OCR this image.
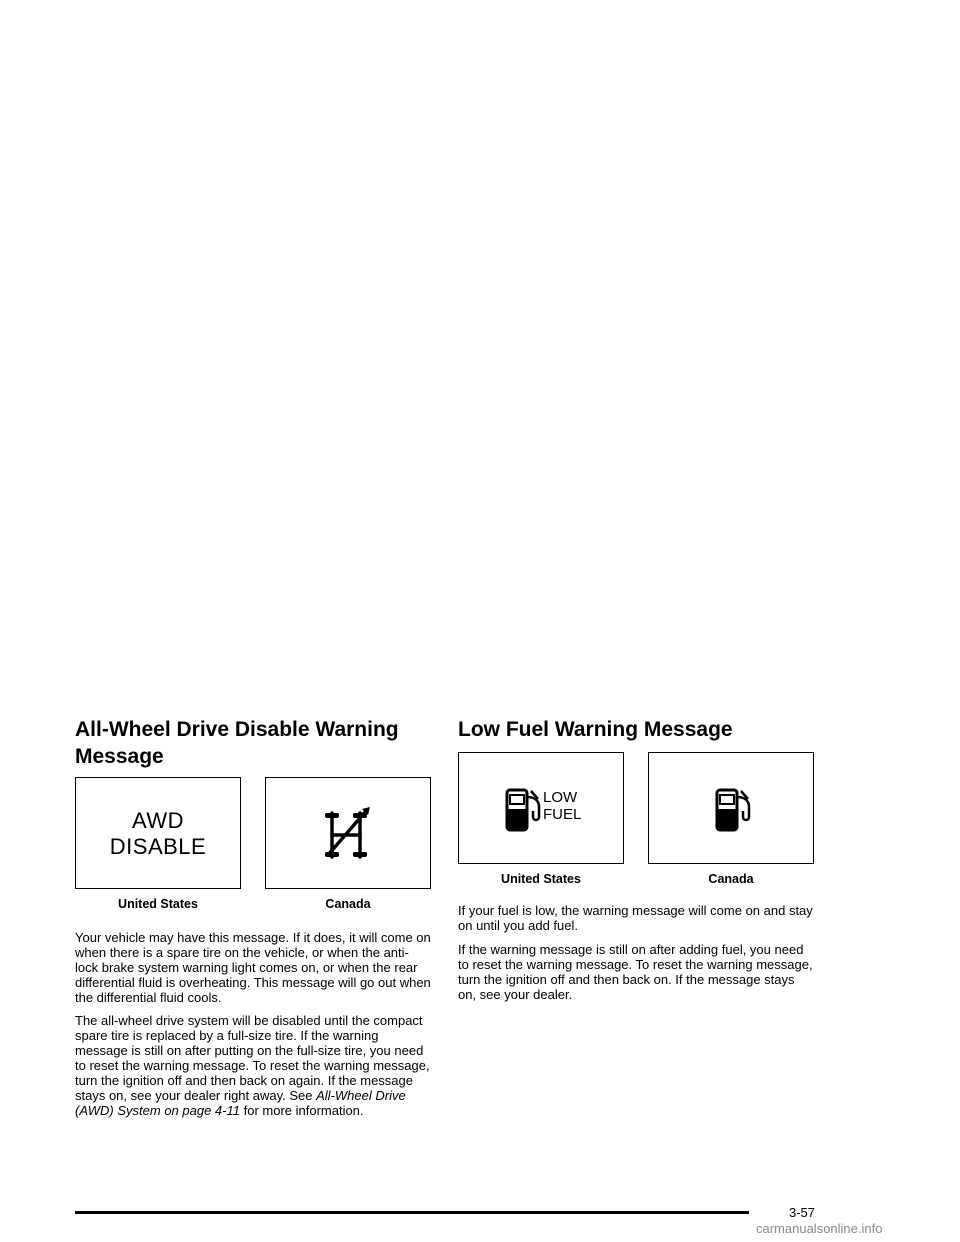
All-Wheel Drive Disable Warning Message
AWD
DISABLE
United States	Canada

Your vehicle may have this message. If it does, it will come on when there is a spare tire on the vehicle, or when the anti-lock brake system warning light comes on, or when the rear differential fluid is overheating. This message will go out when the differential fluid cools.

The all-wheel drive system will be disabled until the compact spare tire is replaced by a full-size tire. If the warning message is still on after putting on the full-size tire, you need to reset the warning message. To reset the warning message, turn the ignition off and then back on again. If the message stays on, see your dealer right away. See All-Wheel Drive (AWD) System on page 4-11 for more information.

Low Fuel Warning Message
LOW
FUEL
United States	Canada

If your fuel is low, the warning message will come on and stay on until you add fuel.

If the warning message is still on after adding fuel, you need to reset the warning message. To reset the warning message, turn the ignition off and then back on. If the message stays on, see your dealer.

3-57
carmanualsonline.info
